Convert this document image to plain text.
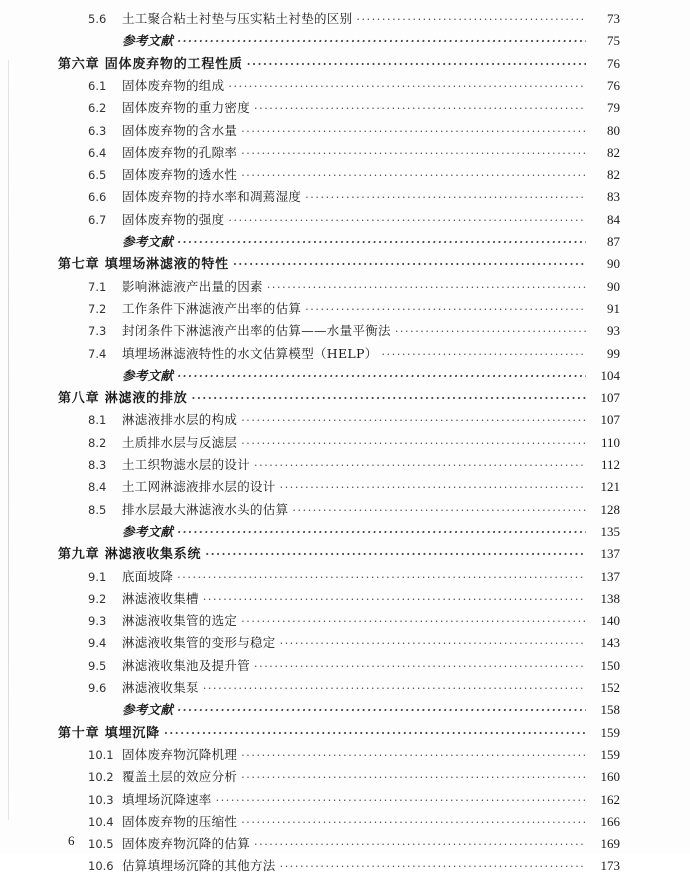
5.6	土工聚合粘土衬垫与压实粘土衬垫的区别 ·····	73
参考文献 ·····	75
第六章 固体废弃物的工程性质 ·····	76
6.1	固体废弃物的组成 ·····	76
6.2	固体废弃物的重力密度 ·····	79
6.3	固体废弃物的含水量 ·····	80
6.4	固体废弃物的孔隙率 ·····	82
6.5	固体废弃物的透水性 ·····	82
6.6	固体废弃物的持水率和凋蔫湿度 ·····	83
6.7	固体废弃物的强度 ·····	84
参考文献 ·····	87
第七章 填埋场淋滤液的特性 ·····	90
7.1	影响淋滤液产出量的因素 ·····	90
7.2	工作条件下淋滤液产出率的估算 ·····	91
7.3	封闭条件下淋滤液产出率的估算——水量平衡法 ·····	93
7.4	填埋场淋滤液特性的水文估算模型（HELP） ·····	99
参考文献 ·····	104
第八章 淋滤液的排放 ·····	107
8.1	淋滤液排水层的构成 ·····	107
8.2	土质排水层与反滤层 ·····	110
8.3	土工织物滤水层的设计 ·····	112
8.4	土工网淋滤液排水层的设计 ·····	121
8.5	排水层最大淋滤液水头的估算 ·····	128
参考文献 ·····	135
第九章 淋滤液收集系统 ·····	137
9.1	底面坡降 ·····	137
9.2	淋滤液收集槽 ·····	138
9.3	淋滤液收集管的选定 ·····	140
9.4	淋滤液收集管的变形与稳定 ·····	143
9.5	淋滤液收集池及提升管 ·····	150
9.6	淋滤液收集泵 ·····	152
参考文献 ·····	158
第十章 填埋沉降 ·····	159
10.1 固体废弃物沉降机理 ·····	159
10.2 覆盖土层的效应分析 ·····	160
10.3 填埋场沉降速率 ·····	162
10.4 固体废弃物的压缩性 ·····	166
10.5 固体废弃物沉降的估算 ·····	169
10.6 估算填埋场沉降的其他方法 ·····	173
6
